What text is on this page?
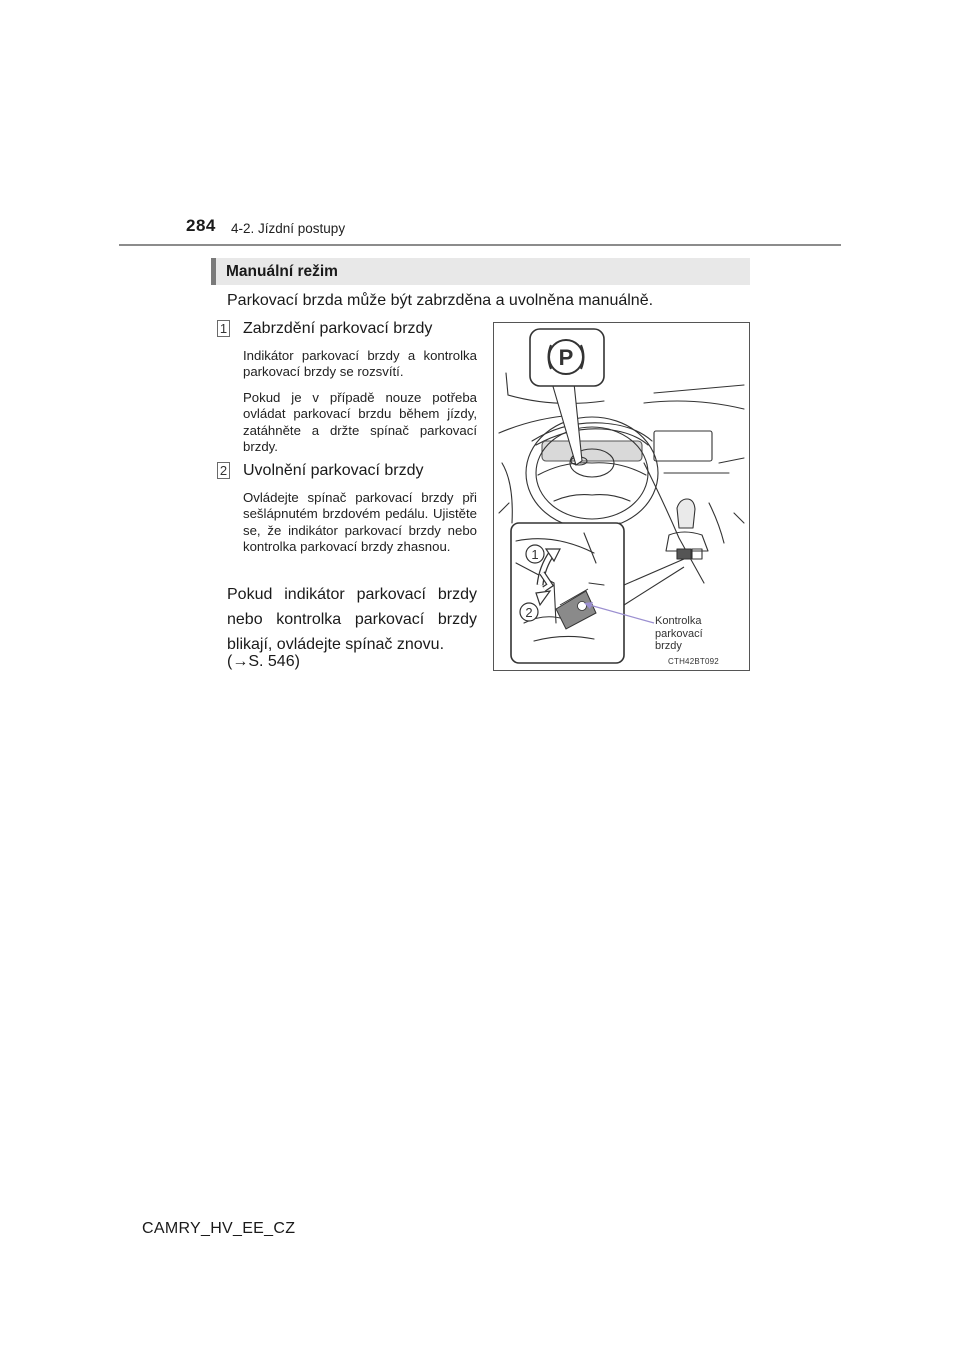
284 4-2. Jízdní postupy
Manuální režim
Parkovací brzda může být zabrzděna a uvolněna manuálně.
1 Zabrzdění parkovací brzdy
Indikátor parkovací brzdy a kontrolka parkovací brzdy se rozsvítí.
Pokud je v případě nouze potřeba ovládat parkovací brzdu během jízdy, zatáhněte a držte spínač parkovací brzdy.
2 Uvolnění parkovací brzdy
Ovládejte spínač parkovací brzdy při sešlápnutém brzdovém pedálu. Ujistěte se, že indikátor parkovací brzdy nebo kontrolka parkovací brzdy zhasnou.
Pokud indikátor parkovací brzdy nebo kontrolka parkovací brzdy blikají, ovládejte spínač znovu.
(→S. 546)
P
1
2
Kontrolka
parkovací
brzdy
CTH42BT092
CAMRY_HV_EE_CZ
